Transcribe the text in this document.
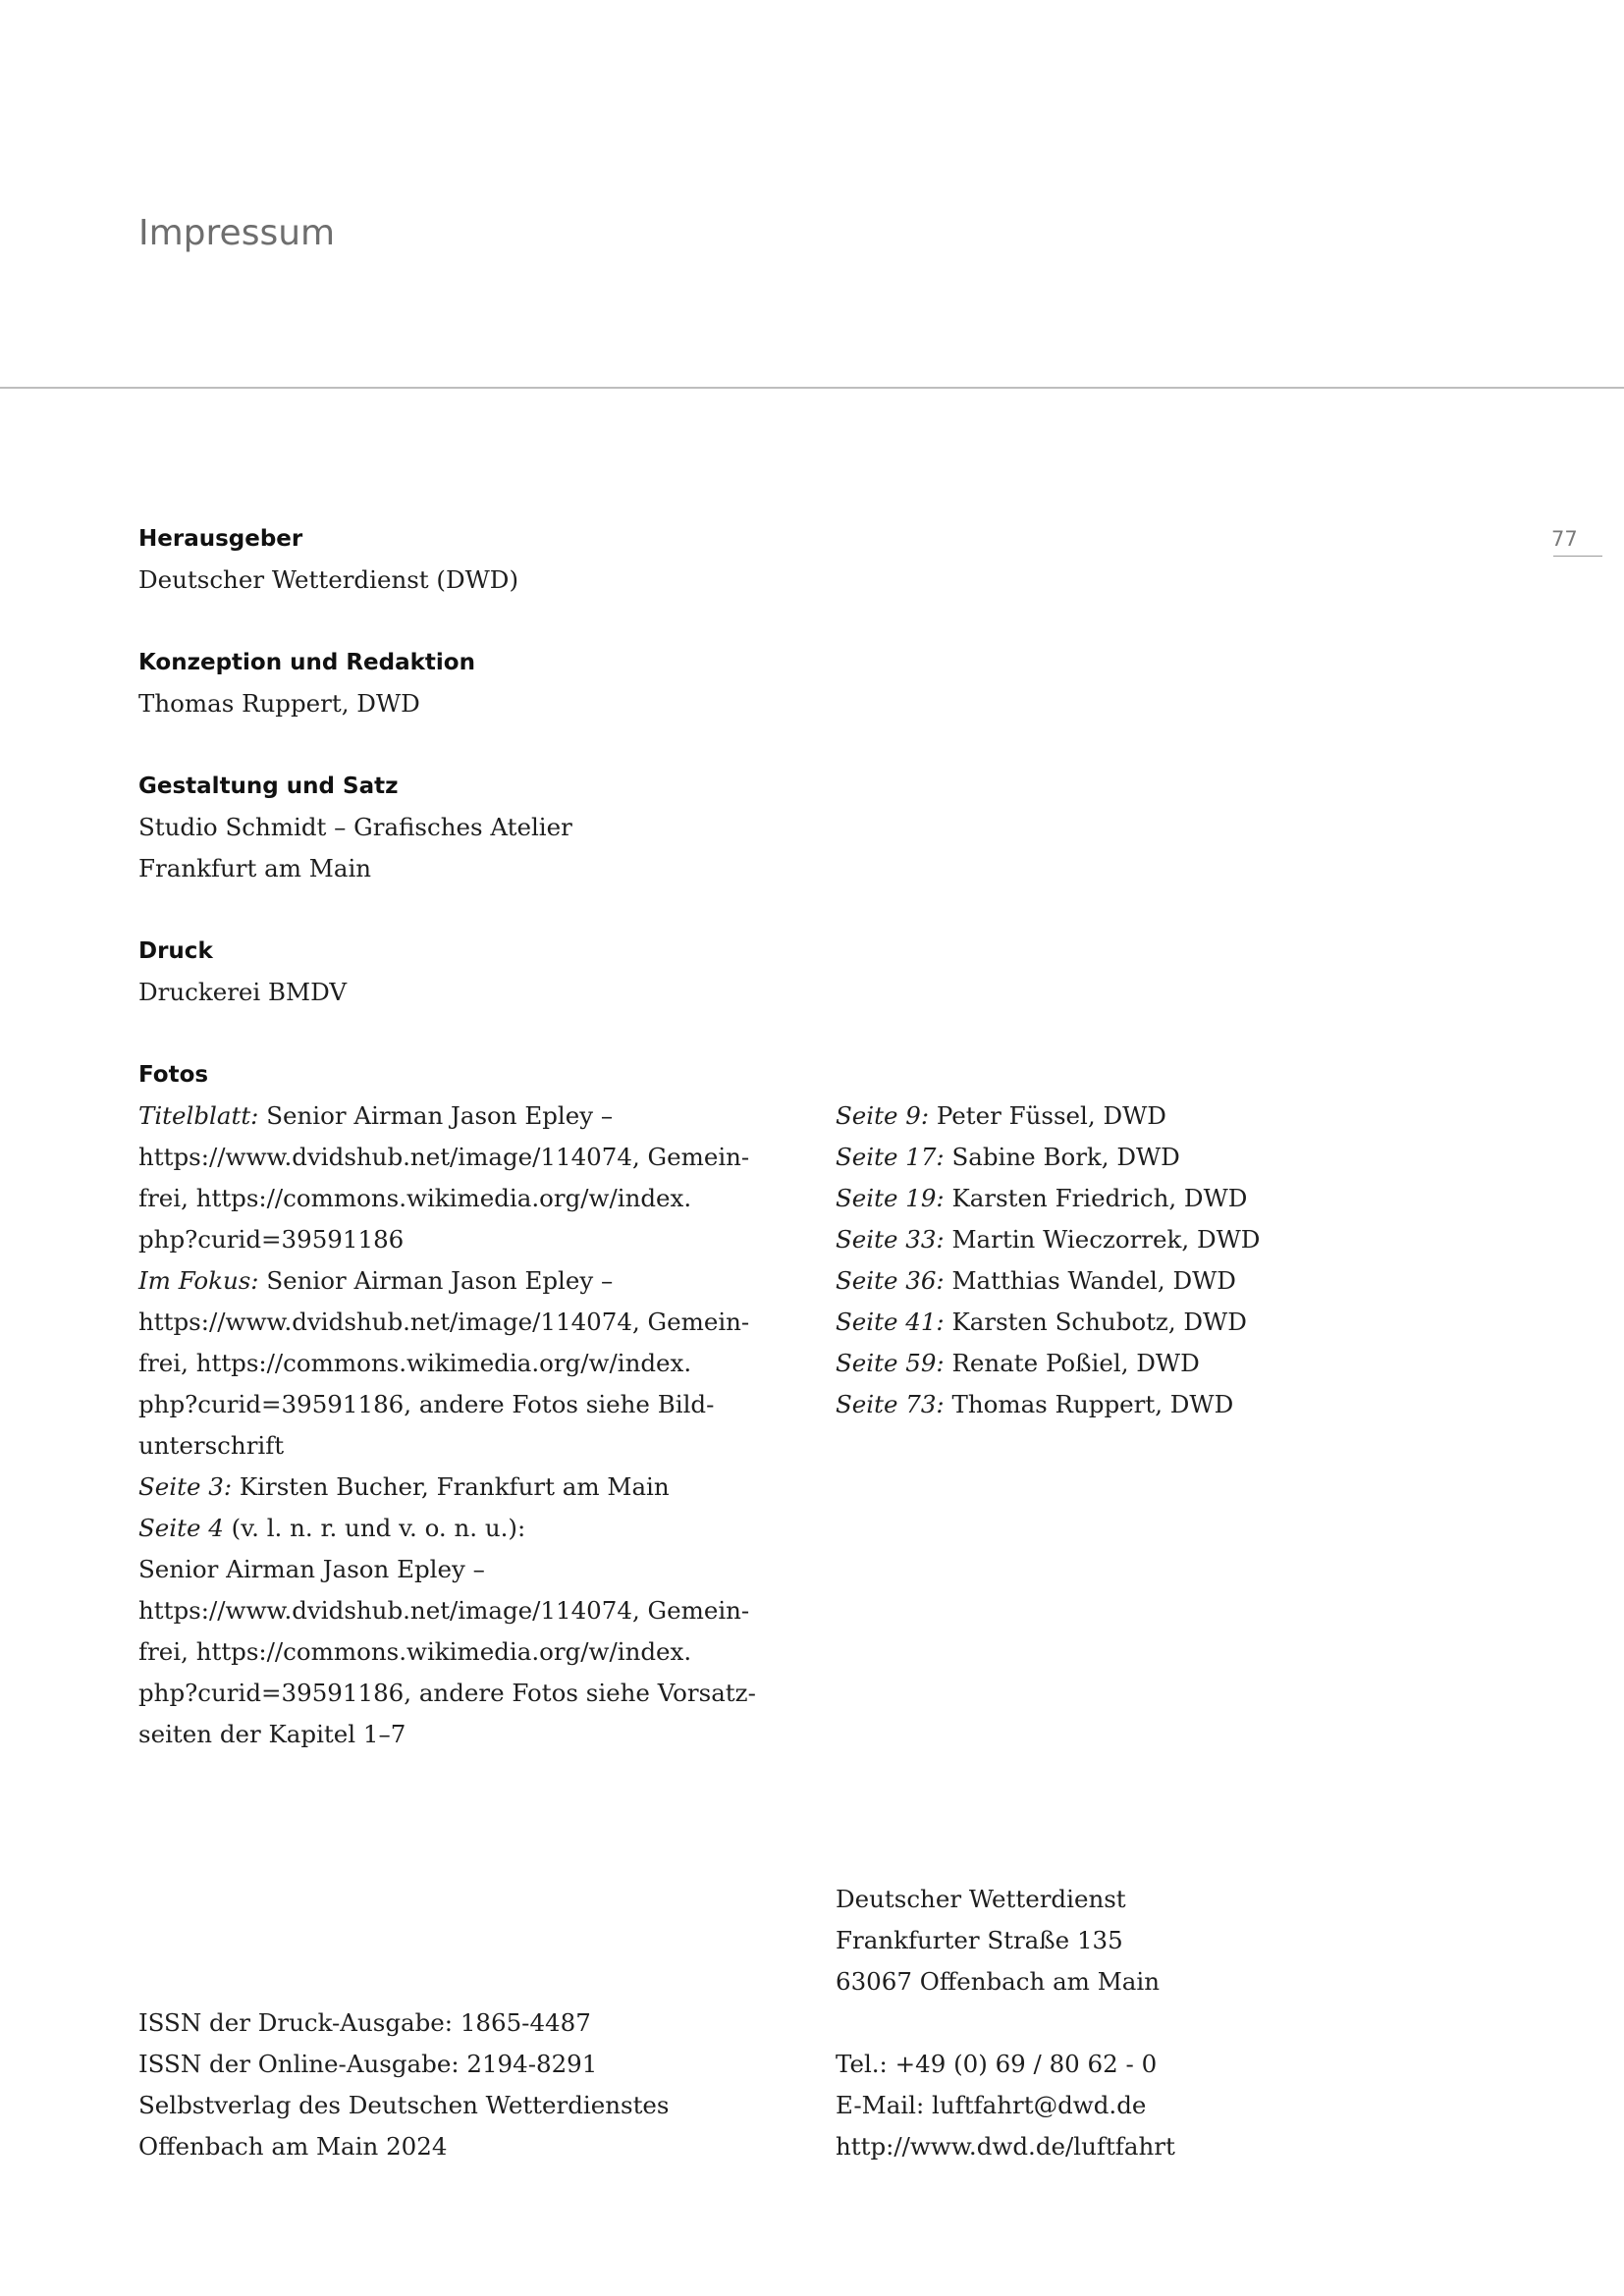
Impressum
77
Herausgeber
Deutscher Wetterdienst (DWD)
Konzeption und Redaktion
Thomas Ruppert, DWD
Gestaltung und Satz
Studio Schmidt – Grafisches Atelier
Frankfurt am Main
Druck
Druckerei BMDV
Fotos
Titelblatt: Senior Airman Jason Epley –
https://www.dvidshub.net/image/114074, Gemein-
frei, https://commons.wikimedia.org/w/index.
php?curid=39591186
Im Fokus: Senior Airman Jason Epley –
https://www.dvidshub.net/image/114074, Gemein-
frei, https://commons.wikimedia.org/w/index.
php?curid=39591186, andere Fotos siehe Bild-
unterschrift
Seite 3: Kirsten Bucher, Frankfurt am Main
Seite 4 (v. l. n. r. und v. o. n. u.):
Senior Airman Jason Epley –
https://www.dvidshub.net/image/114074, Gemein-
frei, https://commons.wikimedia.org/w/index.
php?curid=39591186, andere Fotos siehe Vorsatz-
seiten der Kapitel 1–7
Seite 9: Peter Füssel, DWD
Seite 17: Sabine Bork, DWD
Seite 19: Karsten Friedrich, DWD
Seite 33: Martin Wieczorrek, DWD
Seite 36: Matthias Wandel, DWD
Seite 41: Karsten Schubotz, DWD
Seite 59: Renate Poßiel, DWD
Seite 73: Thomas Ruppert, DWD
Deutscher Wetterdienst
Frankfurter Straße 135
63067 Offenbach am Main
Tel.: +49 (0) 69 / 80 62 - 0
E-Mail: luftfahrt@dwd.de
http://www.dwd.de/luftfahrt
ISSN der Druck-Ausgabe: 1865-4487
ISSN der Online-Ausgabe: 2194-8291
Selbstverlag des Deutschen Wetterdienstes
Offenbach am Main 2024
